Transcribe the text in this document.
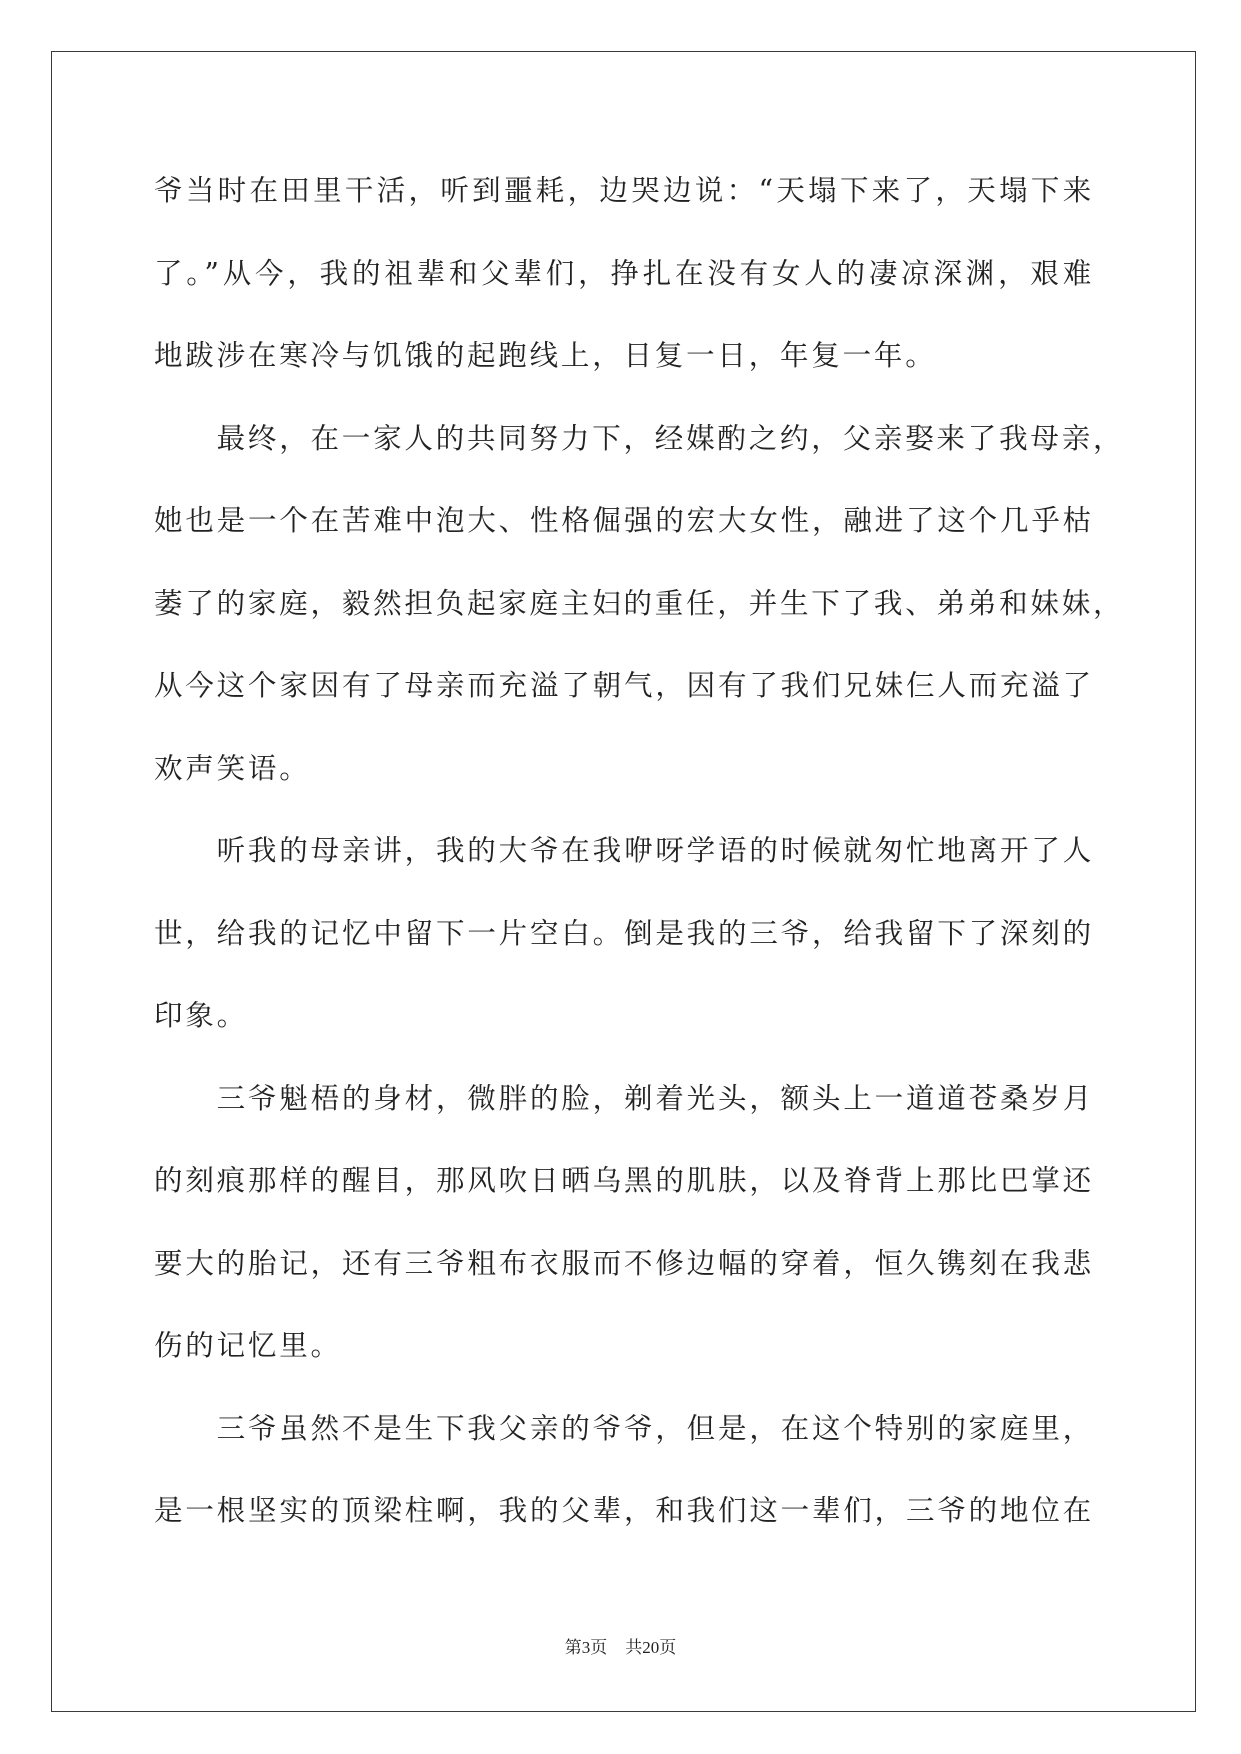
爷当时在田里干活，听到噩耗，边哭边说：“天塌下来了，天塌下来
了。”从今，我的祖辈和父辈们，挣扎在没有女人的凄凉深渊，艰难
地跋涉在寒冷与饥饿的起跑线上，日复一日，年复一年。
最终，在一家人的共同努力下，经媒酌之约，父亲娶来了我母亲，
她也是一个在苦难中泡大、性格倔强的宏大女性，融进了这个几乎枯
萎了的家庭，毅然担负起家庭主妇的重任，并生下了我、弟弟和妹妹，
从今这个家因有了母亲而充溢了朝气，因有了我们兄妹仨人而充溢了
欢声笑语。
听我的母亲讲，我的大爷在我咿呀学语的时候就匆忙地离开了人
世，给我的记忆中留下一片空白。倒是我的三爷，给我留下了深刻的
印象。
三爷魁梧的身材，微胖的脸，剃着光头，额头上一道道苍桑岁月
的刻痕那样的醒目，那风吹日晒乌黑的肌肤，以及脊背上那比巴掌还
要大的胎记，还有三爷粗布衣服而不修边幅的穿着，恒久镌刻在我悲
伤的记忆里。
三爷虽然不是生下我父亲的爷爷，但是，在这个特别的家庭里，
是一根坚实的顶梁柱啊，我的父辈，和我们这一辈们，三爷的地位在
第3页 共20页
